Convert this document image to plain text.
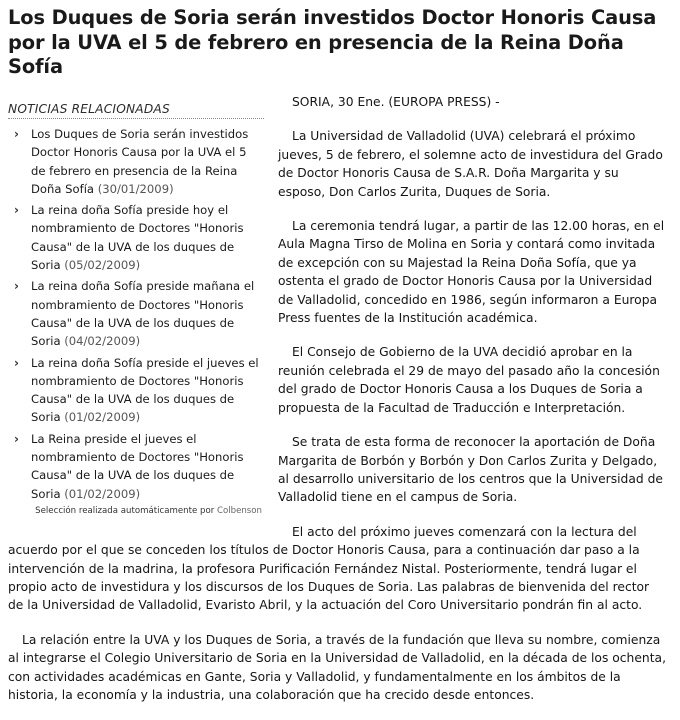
Los Duques de Soria serán investidos Doctor Honoris Causa por la UVA el 5 de febrero en presencia de la Reina Doña Sofía

SORIA, 30 Ene. (EUROPA PRESS) -

La Universidad de Valladolid (UVA) celebrará el próximo jueves, 5 de febrero, el solemne acto de investidura del Grado de Doctor Honoris Causa de S.A.R. Doña Margarita y su esposo, Don Carlos Zurita, Duques de Soria.

La ceremonia tendrá lugar, a partir de las 12.00 horas, en el Aula Magna Tirso de Molina en Soria y contará como invitada de excepción con su Majestad la Reina Doña Sofía, que ya ostenta el grado de Doctor Honoris Causa por la Universidad de Valladolid, concedido en 1986, según informaron a Europa Press fuentes de la Institución académica.

El Consejo de Gobierno de la UVA decidió aprobar en la reunión celebrada el 29 de mayo del pasado año la concesión del grado de Doctor Honoris Causa a los Duques de Soria a propuesta de la Facultad de Traducción e Interpretación.

Se trata de esta forma de reconocer la aportación de Doña Margarita de Borbón y Borbón y Don Carlos Zurita y Delgado, al desarrollo universitario de los centros que la Universidad de Valladolid tiene en el campus de Soria.

El acto del próximo jueves comenzará con la lectura del acuerdo por el que se conceden los títulos de Doctor Honoris Causa, para a continuación dar paso a la intervención de la madrina, la profesora Purificación Fernández Nistal. Posteriormente, tendrá lugar el propio acto de investidura y los discursos de los Duques de Soria. Las palabras de bienvenida del rector de la Universidad de Valladolid, Evaristo Abril, y la actuación del Coro Universitario pondrán fin al acto.

La relación entre la UVA y los Duques de Soria, a través de la fundación que lleva su nombre, comienza al integrarse el Colegio Universitario de Soria en la Universidad de Valladolid, en la década de los ochenta, con actividades académicas en Gante, Soria y Valladolid, y fundamentalmente en los ámbitos de la historia, la economía y la industria, una colaboración que ha crecido desde entonces.

NOTICIAS RELACIONADAS
› Los Duques de Soria serán investidos Doctor Honoris Causa por la UVA el 5 de febrero en presencia de la Reina Doña Sofía (30/01/2009)
› La reina doña Sofía preside hoy el nombramiento de Doctores "Honoris Causa" de la UVA de los duques de Soria (05/02/2009)
› La reina doña Sofía preside mañana el nombramiento de Doctores "Honoris Causa" de la UVA de los duques de Soria (04/02/2009)
› La reina doña Sofía preside el jueves el nombramiento de Doctores "Honoris Causa" de la UVA de los duques de Soria (01/02/2009)
› La Reina preside el jueves el nombramiento de Doctores "Honoris Causa" de la UVA de los duques de Soria (01/02/2009)
Selección realizada automáticamente por Colbenson
